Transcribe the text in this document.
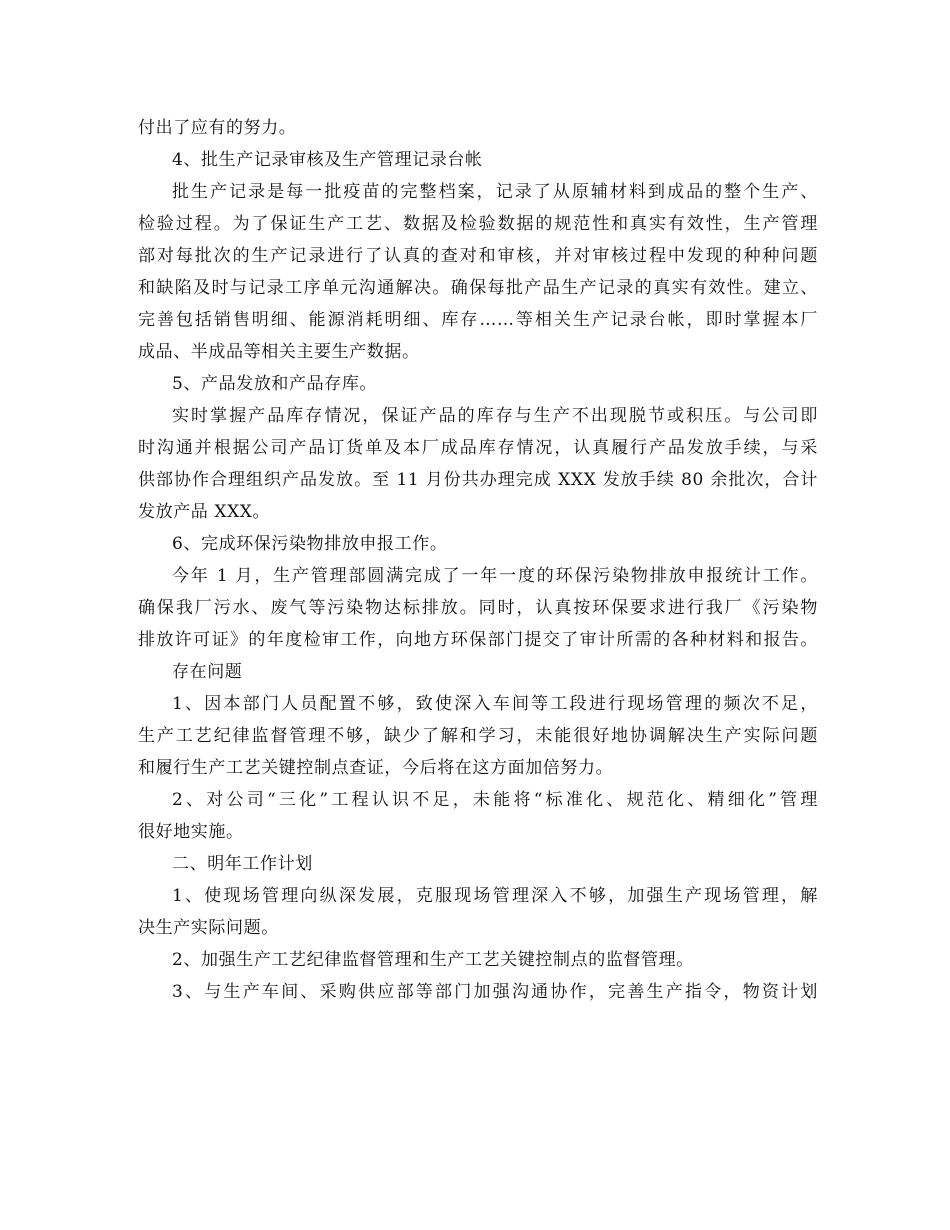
付出了应有的努力。
4、批生产记录审核及生产管理记录台帐
批生产记录是每一批疫苗的完整档案，记录了从原辅材料到成品的整个生产、
检验过程。为了保证生产工艺、数据及检验数据的规范性和真实有效性，生产管理
部对每批次的生产记录进行了认真的查对和审核，并对审核过程中发现的种种问题
和缺陷及时与记录工序单元沟通解决。确保每批产品生产记录的真实有效性。建立、
完善包括销售明细、能源消耗明细、库存……等相关生产记录台帐，即时掌握本厂
成品、半成品等相关主要生产数据。
5、产品发放和产品存库。
实时掌握产品库存情况，保证产品的库存与生产不出现脱节或积压。与公司即
时沟通并根据公司产品订货单及本厂成品库存情况，认真履行产品发放手续，与采
供部协作合理组织产品发放。至 11 月份共办理完成 XXX 发放手续 80 余批次，合计
发放产品 XXX。
6、完成环保污染物排放申报工作。
今年 1 月，生产管理部圆满完成了一年一度的环保污染物排放申报统计工作。
确保我厂污水、废气等污染物达标排放。同时，认真按环保要求进行我厂《污染物
排放许可证》的年度检审工作，向地方环保部门提交了审计所需的各种材料和报告。
存在问题
1、因本部门人员配置不够，致使深入车间等工段进行现场管理的频次不足，
生产工艺纪律监督管理不够，缺少了解和学习，未能很好地协调解决生产实际问题
和履行生产工艺关键控制点查证，今后将在这方面加倍努力。
2、对公司“三化”工程认识不足，未能将“标准化、规范化、精细化”管理
很好地实施。
二、明年工作计划
1、使现场管理向纵深发展，克服现场管理深入不够，加强生产现场管理，解
决生产实际问题。
2、加强生产工艺纪律监督管理和生产工艺关键控制点的监督管理。
3、与生产车间、采购供应部等部门加强沟通协作，完善生产指令，物资计划
